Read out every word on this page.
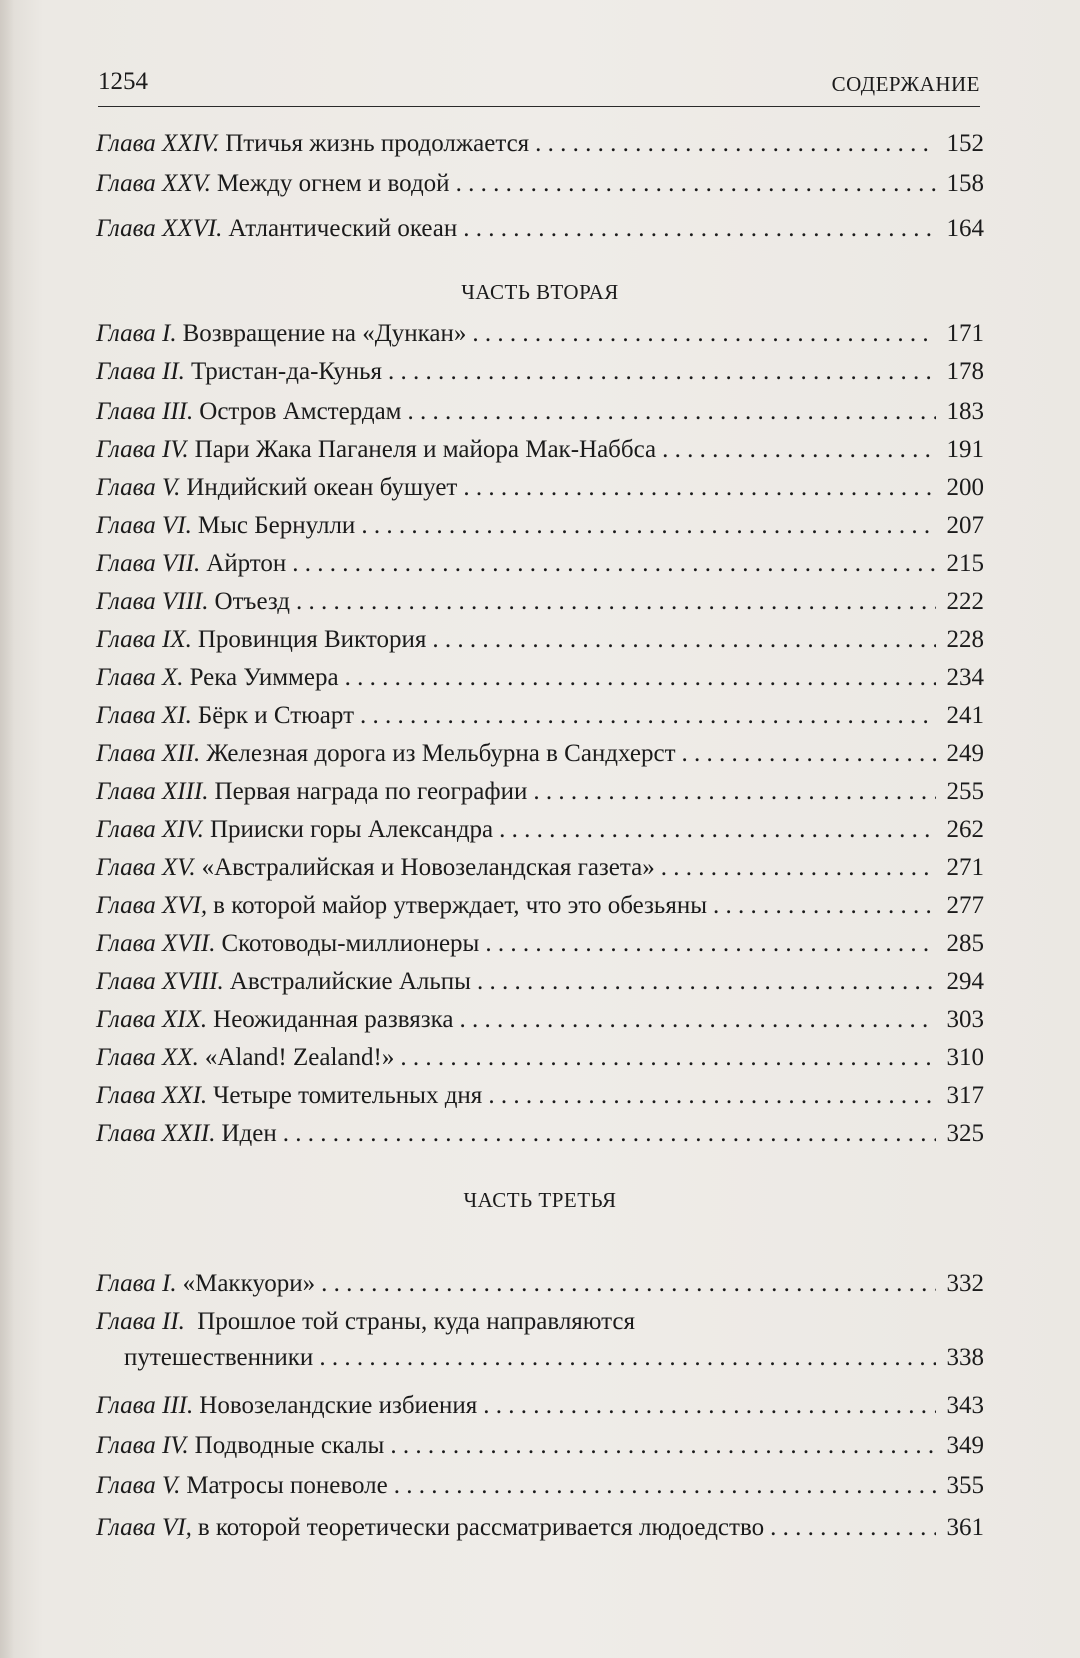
1254	СОДЕРЖАНИЕ
Глава XXIV. Птичья жизнь продолжается . . .	152
Глава XXV. Между огнем и водой . . .	158
Глава XXVI. Атлантический океан . . .	164
ЧАСТЬ ВТОРАЯ
Глава I. Возвращение на «Дункан» . . .	171
Глава II. Тристан-да-Кунья . . .	178
Глава III. Остров Амстердам . . .	183
Глава IV. Пари Жака Паганеля и майора Мак-Наббса . . .	191
Глава V. Индийский океан бушует . . .	200
Глава VI. Мыс Бернулли . . .	207
Глава VII. Айртон . . .	215
Глава VIII. Отъезд . . .	222
Глава IX. Провинция Виктория . . .	228
Глава X. Река Уиммера . . .	234
Глава XI. Бёрк и Стюарт . . .	241
Глава XII. Железная дорога из Мельбурна в Сандхерст . . .	249
Глава XIII. Первая награда по географии . . .	255
Глава XIV. Прииски горы Александра . . .	262
Глава XV. «Австралийская и Новозеландская газета» . . .	271
Глава XVI, в которой майор утверждает, что это обезьяны . . .	277
Глава XVII. Скотоводы-миллионеры . . .	285
Глава XVIII. Австралийские Альпы . . .	294
Глава XIX. Неожиданная развязка . . .	303
Глава XX. «Aland! Zealand!» . . .	310
Глава XXI. Четыре томительных дня . . .	317
Глава XXII. Иден . . .	325
ЧАСТЬ ТРЕТЬЯ
Глава I. «Маккуори» . . .	332
Глава II. Прошлое той страны, куда направляются
путешественники . . .	338
Глава III. Новозеландские избиения . . .	343
Глава IV. Подводные скалы . . .	349
Глава V. Матросы поневоле . . .	355
Глава VI, в которой теоретически рассматривается людоедство . . .	361
